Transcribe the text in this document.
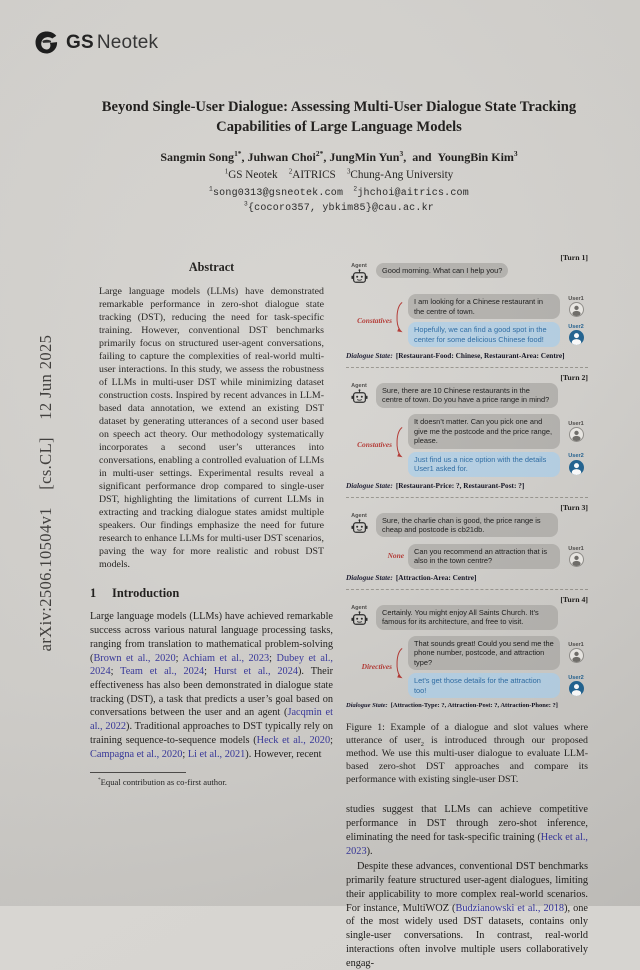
GS Neotek
arXiv:2506.10504v1  [cs.CL]  12 Jun 2025
Beyond Single-User Dialogue: Assessing Multi-User Dialogue State Tracking Capabilities of Large Language Models
Sangmin Song$^{1*}$, Juhwan Choi$^{2*}$, JungMin Yun$^3$, and YoungBin Kim$^3$
$^1$GS Neotek $^2$AITRICS $^3$Chung-Ang University
$^1$song0313@gsneotek.com  $^2$jhchoi@aitrics.com
$^3${cocoro357, ybkim85}@cau.ac.kr
Abstract
Large language models (LLMs) have demonstrated remarkable performance in zero-shot dialogue state tracking (DST), reducing the need for task-specific training. However, conventional DST benchmarks primarily focus on structured user-agent conversations, failing to capture the complexities of real-world multi-user interactions. In this study, we assess the robustness of LLMs in multi-user DST while minimizing dataset construction costs. Inspired by recent advances in LLM-based data annotation, we extend an existing DST dataset by generating utterances of a second user based on speech act theory. Our methodology systematically incorporates a second user’s utterances into conversations, enabling a controlled evaluation of LLMs in multi-user settings. Experimental results reveal a significant performance drop compared to single-user DST, highlighting the limitations of current LLMs in extracting and tracking dialogue states amidst multiple speakers. Our findings emphasize the need for future research to enhance LLMs for multi-user DST scenarios, paving the way for more realistic and robust DST models.
1	Introduction
Large language models (LLMs) have achieved remarkable success across various natural language processing tasks, ranging from translation to mathematical problem-solving (Brown et al., 2020; Achiam et al., 2023; Dubey et al., 2024; Team et al., 2024; Hurst et al., 2024). Their effectiveness has also been demonstrated in dialogue state tracking (DST), a task that predicts a user’s goal based on conversations between the user and an agent (Jacqmin et al., 2022). Traditional approaches to DST typically rely on training sequence-to-sequence models (Heck et al., 2020; Campagna et al., 2020; Li et al., 2021). However, recent
*Equal contribution as co-first author.
[Turn 1]
Agent	Good morning. What can I help you?
Constatives
I am looking for a Chinese restaurant in the centre of town.
User1
Hopefully, we can find a good spot in the center for some delicious Chinese food!
User2
Dialogue State: [Restaurant-Food: Chinese, Restaurant-Area: Centre]
[Turn 2]
Agent	Sure, there are 10 Chinese restaurants in the centre of town. Do you have a price range in mind?
Constatives
It doesn’t matter. Can you pick one and give me the postcode and the price range, please.
User1
Just find us a nice option with the details User1 asked for.
User2
Dialogue State: [Restaurant-Price: ?, Restaurant-Post: ?]
[Turn 3]
Agent	Sure, the charlie chan is good, the price range is cheap and postcode is cb21db.
None	Can you recommend an attraction that is also in the town centre?
User1
Dialogue State: [Attraction-Area: Centre]
[Turn 4]
Agent	Certainly. You might enjoy All Saints Church. It’s famous for its architecture, and free to visit.
Directives
That sounds great! Could you send me the phone number, postcode, and attraction type?
User1
Let’s get those details for the attraction too!
User2
Dialogue State: [Attraction-Type: ?, Attraction-Post: ?, Attraction-Phone: ?]
Figure 1: Example of a dialogue and slot values where utterance of user$_2$ is introduced through our proposed method. We use this multi-user dialogue to evaluate LLM-based zero-shot DST approaches and compare its performance with existing single-user DST.
studies suggest that LLMs can achieve competitive performance in DST through zero-shot inference, eliminating the need for task-specific training (Heck et al., 2023).
Despite these advances, conventional DST benchmarks primarily feature structured user-agent dialogues, limiting their applicability to more complex real-world scenarios. For instance, MultiWOZ (Budzianowski et al., 2018), one of the most widely used DST datasets, contains only single-user conversations. In contrast, real-world interactions often involve multiple users collaboratively engag-
